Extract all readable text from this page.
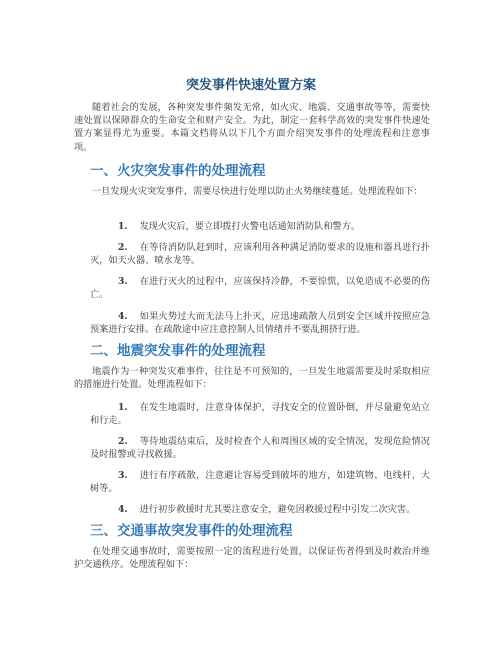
突发事件快速处置方案

随着社会的发展，各种突发事件频发无常，如火灾、地震、交通事故等等，需要快速处置以保障群众的生命安全和财产安全。为此，制定一套科学高效的突发事件快速处置方案显得尤为重要。本篇文档将从以下几个方面介绍突发事件的处理流程和注意事项。

一、火灾突发事件的处理流程

一旦发现火灾突发事件，需要尽快进行处理以防止火势继续蔓延。处理流程如下：

1. 发现火灾后，要立即拨打火警电话通知消防队和警方。

2. 在等待消防队赶到时，应该利用各种满足消防要求的设施和器具进行扑灭，如天火器、喷水龙等。

3. 在进行灭火的过程中，应该保持冷静，不要惊慌，以免造成不必要的伤亡。

4. 如果火势过大而无法马上扑灭，应迅速疏散人员到安全区域并按照应急预案进行安排。在疏散途中应注意控制人员情绪并不要乱拥挤行进。

二、地震突发事件的处理流程

地震作为一种突发灾难事件，往往是不可预知的，一旦发生地震需要及时采取相应的措施进行处置。处理流程如下：

1. 在发生地震时，注意身体保护，寻找安全的位置卧倒，并尽量避免站立和行走。

2. 等待地震结束后，及时检查个人和周围区域的安全情况，发现危险情况及时报警或寻找救援。

3. 进行有序疏散，注意避让容易受到破坏的地方，如建筑物、电线杆、大树等。

4. 进行初步救援时尤其要注意安全，避免因救援过程中引发二次灾害。

三、交通事故突发事件的处理流程

在处理交通事故时，需要按照一定的流程进行处置，以保证伤者得到及时救治并维护交通秩序。处理流程如下：
